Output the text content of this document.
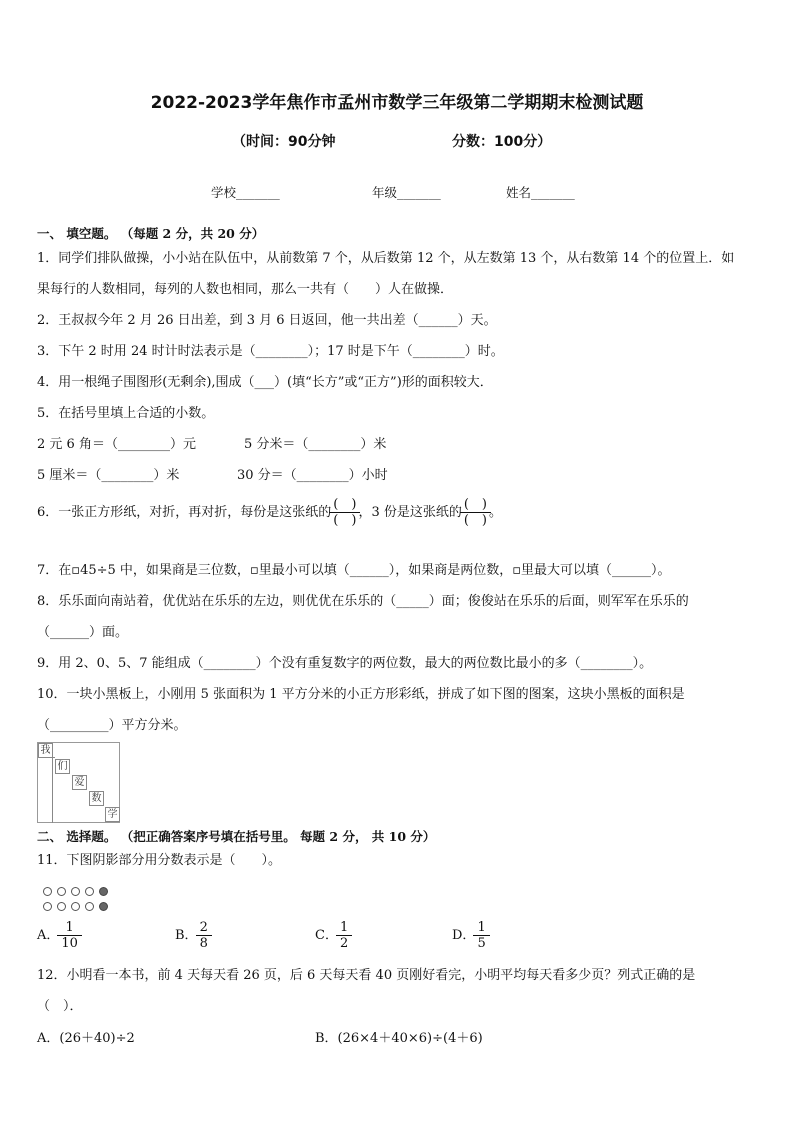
2022-2023学年焦作市孟州市数学三年级第二学期期末检测试题
（时间：90分钟	分数：100分）
学校_______	年级_______	姓名_______
一、 填空题。 （每题 2 分，共 20 分）
1．同学们排队做操，小小站在队伍中，从前数第 7 个，从后数第 12 个，从左数第 13 个，从右数第 14 个的位置上．如
果每行的人数相同，每列的人数也相同，那么一共有（　　）人在做操．
2．王叔叔今年 2 月 26 日出差，到 3 月 6 日返回，他一共出差（______）天。
3．下午 2 时用 24 时计时法表示是（________）；17 时是下午（________）时。
4．用一根绳子围图形(无剩余),围成（___）(填“长方”或“正方”)形的面积较大．
5．在括号里填上合适的小数。
2 元 6 角＝（________）元	5 分米＝（________）米
5 厘米＝（________）米	30 分＝（________）小时
6．一张正方形纸，对折，再对折，每份是这张纸的 $\frac{( )}{( )}$ ，3 份是这张纸的 $\frac{( )}{( )}$ 。
7．在▫45÷5 中，如果商是三位数，▫里最小可以填（______），如果商是两位数，▫里最大可以填（______）。
8．乐乐面向南站着，优优站在乐乐的左边，则优优在乐乐的（_____）面；俊俊站在乐乐的后面，则军军在乐乐的
（______）面。
9．用 2、0、5、7 能组成（________）个没有重复数字的两位数，最大的两位数比最小的多（________）。
10．一块小黑板上，小刚用 5 张面积为 1 平方分米的小正方形彩纸，拼成了如下图的图案，这块小黑板的面积是
（_________）平方分米。
我
们
爱
数
学
二、 选择题。 （把正确答案序号填在括号里。 每题 2 分， 共 10 分）
11．下图阴影部分用分数表示是（　　）。
A． $\frac{1}{10}$	B． $\frac{2}{8}$	C． $\frac{1}{2}$	D． $\frac{1}{5}$
12．小明看一本书，前 4 天每天看 26 页，后 6 天每天看 40 页刚好看完，小明平均每天看多少页？列式正确的是
（　）．
A．(26＋40)÷2	B．(26×4＋40×6)÷(4＋6)
